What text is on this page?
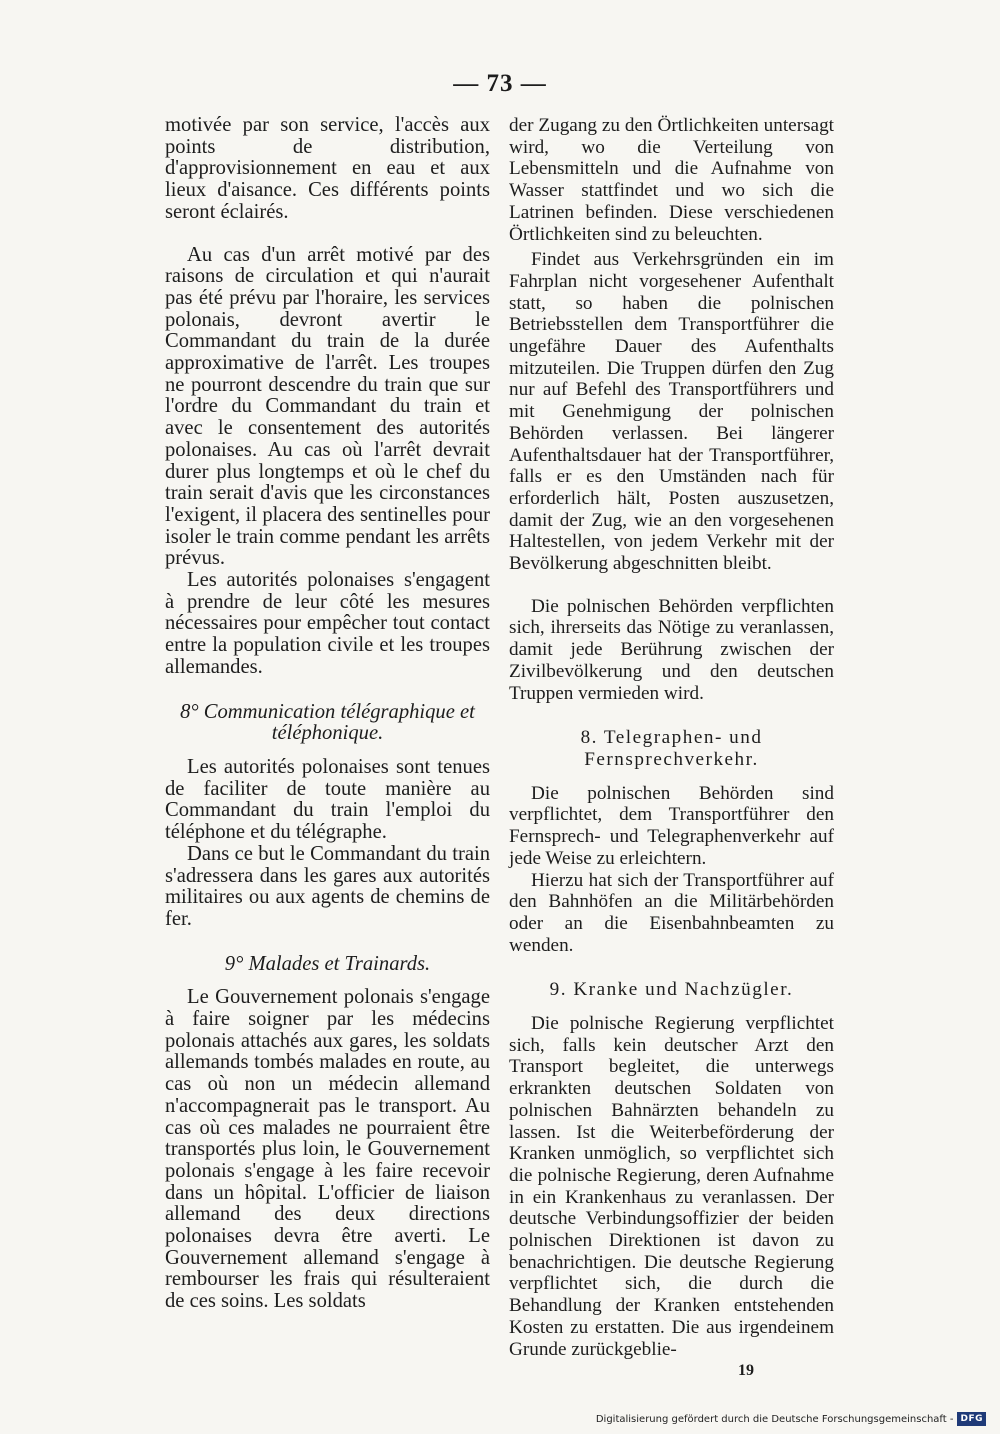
— 73 —

motivée par son service, l'accès aux points de distribution, d'approvisionnement en eau et aux lieux d'aisance. Ces différents points seront éclairés.

Au cas d'un arrêt motivé par des raisons de circulation et qui n'aurait pas été prévu par l'horaire, les services polonais, devront avertir le Commandant du train de la durée approximative de l'arrêt. Les troupes ne pourront descendre du train que sur l'ordre du Commandant du train et avec le consentement des autorités polonaises. Au cas où l'arrêt devrait durer plus longtemps et où le chef du train serait d'avis que les circonstances l'exigent, il placera des sentinelles pour isoler le train comme pendant les arrêts prévus.

Les autorités polonaises s'engagent à prendre de leur côté les mesures nécessaires pour empêcher tout contact entre la population civile et les troupes allemandes.

8° Communication télégraphique et téléphonique.

Les autorités polonaises sont tenues de faciliter de toute manière au Commandant du train l'emploi du téléphone et du télégraphe.

Dans ce but le Commandant du train s'adressera dans les gares aux autorités militaires ou aux agents de chemins de fer.

9° Malades et Trainards.

Le Gouvernement polonais s'engage à faire soigner par les médecins polonais attachés aux gares, les soldats allemands tombés malades en route, au cas où non un médecin allemand n'accompagnerait pas le transport. Au cas où ces malades ne pourraient être transportés plus loin, le Gouvernement polonais s'engage à les faire recevoir dans un hôpital. L'officier de liaison allemand des deux directions polonaises devra être averti. Le Gouvernement allemand s'engage à rembourser les frais qui résulteraient de ces soins. Les soldats

der Zugang zu den Örtlichkeiten untersagt wird, wo die Verteilung von Lebensmitteln und die Aufnahme von Wasser stattfindet und wo sich die Latrinen befinden. Diese verschiedenen Örtlichkeiten sind zu beleuchten.

Findet aus Verkehrsgründen ein im Fahrplan nicht vorgesehener Aufenthalt statt, so haben die polnischen Betriebsstellen dem Transportführer die ungefähre Dauer des Aufenthalts mitzuteilen. Die Truppen dürfen den Zug nur auf Befehl des Transportführers und mit Genehmigung der polnischen Behörden verlassen. Bei längerer Aufenthaltsdauer hat der Transportführer, falls er es den Umständen nach für erforderlich hält, Posten auszusetzen, damit der Zug, wie an den vorgesehenen Haltestellen, von jedem Verkehr mit der Bevölkerung abgeschnitten bleibt.

Die polnischen Behörden verpflichten sich, ihrerseits das Nötige zu veranlassen, damit jede Berührung zwischen der Zivilbevölkerung und den deutschen Truppen vermieden wird.

8. Telegraphen- und Fernsprechverkehr.

Die polnischen Behörden sind verpflichtet, dem Transportführer den Fernsprech- und Telegraphenverkehr auf jede Weise zu erleichtern.

Hierzu hat sich der Transportführer auf den Bahnhöfen an die Militärbehörden oder an die Eisenbahnbeamten zu wenden.

9. Kranke und Nachzügler.

Die polnische Regierung verpflichtet sich, falls kein deutscher Arzt den Transport begleitet, die unterwegs erkrankten deutschen Soldaten von polnischen Bahnärzten behandeln zu lassen. Ist die Weiterbeförderung der Kranken unmöglich, so verpflichtet sich die polnische Regierung, deren Aufnahme in ein Krankenhaus zu veranlassen. Der deutsche Verbindungsoffizier der beiden polnischen Direktionen ist davon zu benachrichtigen. Die deutsche Regierung verpflichtet sich, die durch die Behandlung der Kranken entstehenden Kosten zu erstatten. Die aus irgendeinem Grunde zurückgeblie-

19
Digitalisierung gefördert durch die Deutsche Forschungsgemeinschaft - DFG
